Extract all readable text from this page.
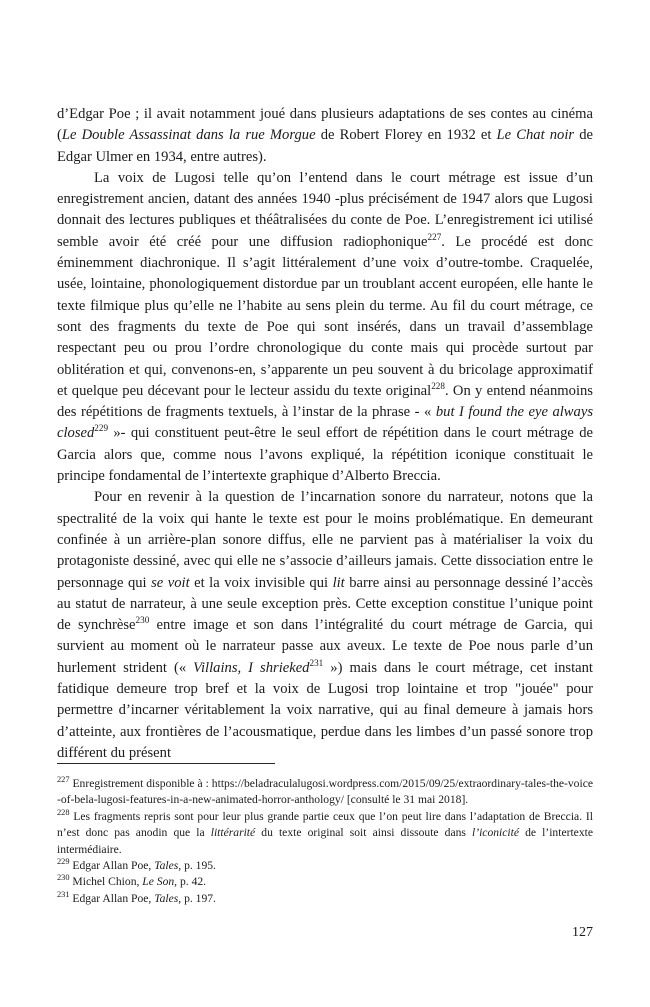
d’Edgar Poe ; il avait notamment joué dans plusieurs adaptations de ses contes au cinéma (Le Double Assassinat dans la rue Morgue de Robert Florey en 1932 et Le Chat noir de Edgar Ulmer en 1934, entre autres).

La voix de Lugosi telle qu’on l’entend dans le court métrage est issue d’un enregistrement ancien, datant des années 1940 -plus précisément de 1947 alors que Lugosi donnait des lectures publiques et théâtralisées du conte de Poe. L’enregistrement ici utilisé semble avoir été créé pour une diffusion radiophonique$^{227}$. Le procédé est donc éminemment diachronique. Il s’agit littéralement d’une voix d’outre-tombe. Craquelée, usée, lointaine, phonologiquement distordue par un troublant accent européen, elle hante le texte filmique plus qu’elle ne l’habite au sens plein du terme. Au fil du court métrage, ce sont des fragments du texte de Poe qui sont insérés, dans un travail d’assemblage respectant peu ou prou l’ordre chronologique du conte mais qui procède surtout par oblitération et qui, convenons-en, s’apparente un peu souvent à du bricolage approximatif et quelque peu décevant pour le lecteur assidu du texte original$^{228}$. On y entend néanmoins des répétitions de fragments textuels, à l’instar de la phrase - « but I found the eye always closed$^{229}$ »- qui constituent peut-être le seul effort de répétition dans le court métrage de Garcia alors que, comme nous l’avons expliqué, la répétition iconique constituait le principe fondamental de l’intertexte graphique d’Alberto Breccia.

Pour en revenir à la question de l’incarnation sonore du narrateur, notons que la spectralité de la voix qui hante le texte est pour le moins problématique. En demeurant confinée à un arrière-plan sonore diffus, elle ne parvient pas à matérialiser la voix du protagoniste dessiné, avec qui elle ne s’associe d’ailleurs jamais. Cette dissociation entre le personnage qui se voit et la voix invisible qui lit barre ainsi au personnage dessiné l’accès au statut de narrateur, à une seule exception près. Cette exception constitue l’unique point de synchrèse$^{230}$ entre image et son dans l’intégralité du court métrage de Garcia, qui survient au moment où le narrateur passe aux aveux. Le texte de Poe nous parle d’un hurlement strident (« Villains, I shrieked$^{231}$ ») mais dans le court métrage, cet instant fatidique demeure trop bref et la voix de Lugosi trop lointaine et trop "jouée" pour permettre d’incarner véritablement la voix narrative, qui au final demeure à jamais hors d’atteinte, aux frontières de l’acousmatique, perdue dans les limbes d’un passé sonore trop différent du présent

$^{227}$ Enregistrement disponible à : https://beladraculalugosi.wordpress.com/2015/09/25/extraordinary-tales-the-voice-of-bela-lugosi-features-in-a-new-animated-horror-anthology/ [consulté le 31 mai 2018].

$^{228}$ Les fragments repris sont pour leur plus grande partie ceux que l’on peut lire dans l’adaptation de Breccia. Il n’est donc pas anodin que la littérarité du texte original soit ainsi dissoute dans l’iconicité de l’intertexte intermédiaire.

$^{229}$ Edgar Allan Poe, Tales, p. 195.

$^{230}$ Michel Chion, Le Son, p. 42.

$^{231}$ Edgar Allan Poe, Tales, p. 197.

127
